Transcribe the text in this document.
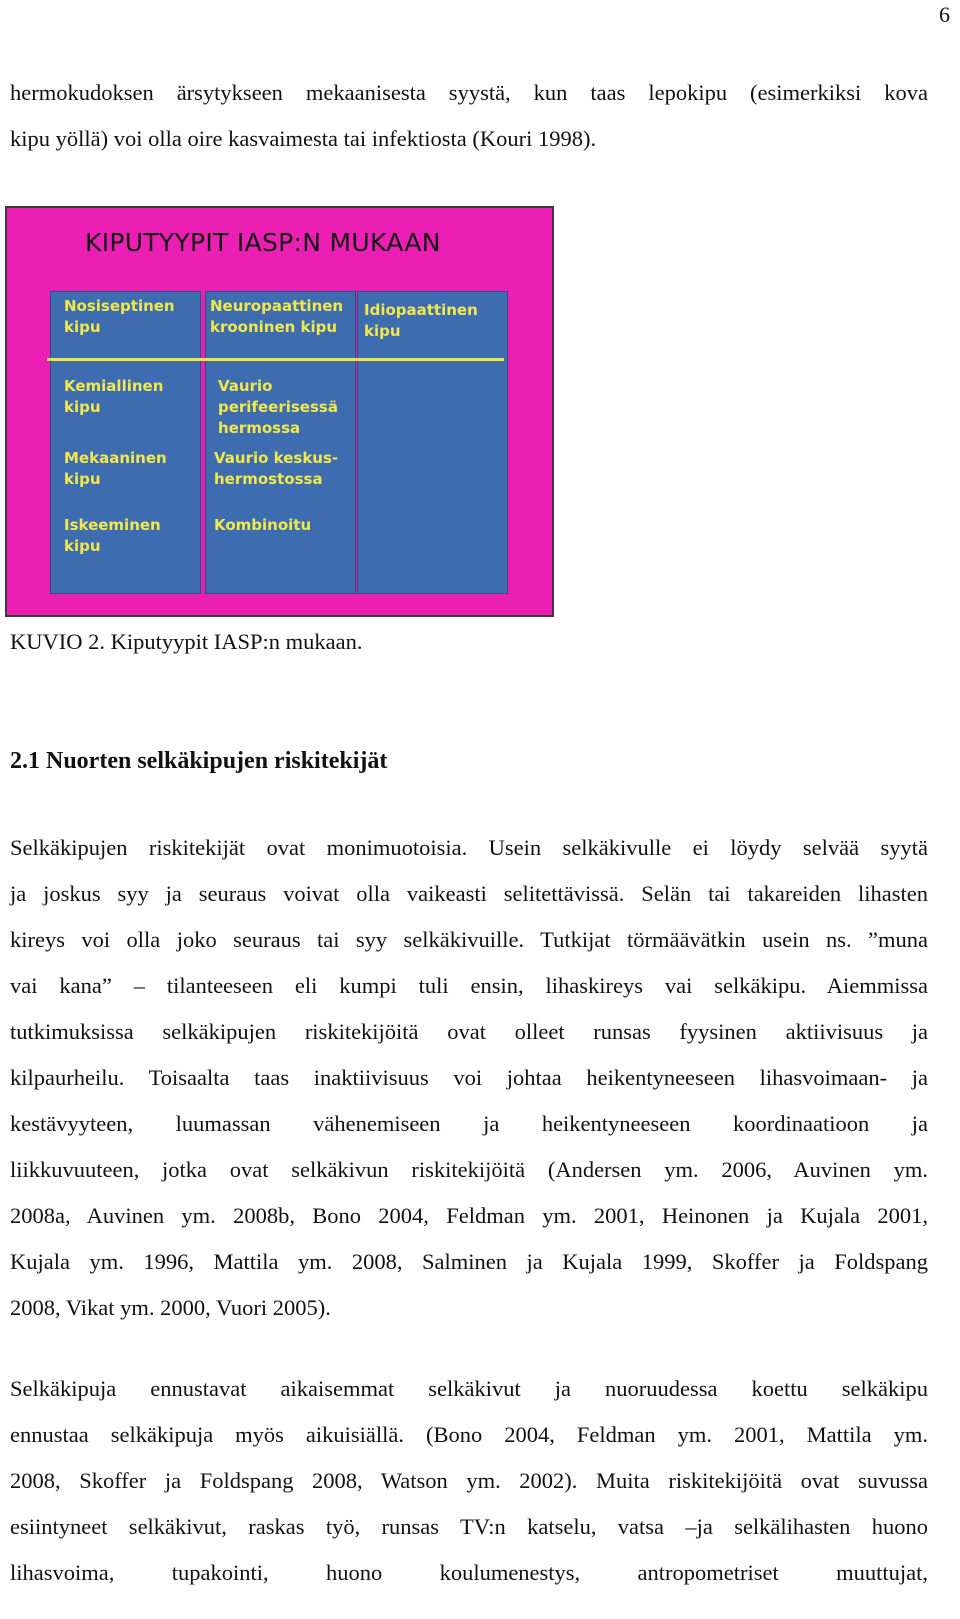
6
hermokudoksen ärsytykseen mekaanisesta syystä, kun taas lepokipu (esimerkiksi kova
kipu yöllä) voi olla oire kasvaimesta tai infektiosta (Kouri 1998).
KIPUTYYPIT IASP:N MUKAAN
Nosiseptinen kipu
Kemiallinen kipu
Mekaaninen kipu
Iskeeminen kipu
Neuropaattinen krooninen kipu
Vaurio perifeerisessä hermossa
Vaurio keskus-hermostossa
Kombinoitu
Idiopaattinen kipu
KUVIO 2. Kiputyypit IASP:n mukaan.
2.1 Nuorten selkäkipujen riskitekijät
Selkäkipujen riskitekijät ovat monimuotoisia. Usein selkäkivulle ei löydy selvää syytä
ja joskus syy ja seuraus voivat olla vaikeasti selitettävissä. Selän tai takareiden lihasten
kireys voi olla joko seuraus tai syy selkäkivuille. Tutkijat törmäävätkin usein ns. ”muna
vai kana” – tilanteeseen eli kumpi tuli ensin, lihaskireys vai selkäkipu. Aiemmissa
tutkimuksissa selkäkipujen riskitekijöitä ovat olleet runsas fyysinen aktiivisuus ja
kilpaurheilu. Toisaalta taas inaktiivisuus voi johtaa heikentyneeseen lihasvoimaan- ja
kestävyyteen, luumassan vähenemiseen ja heikentyneeseen koordinaatioon ja
liikkuvuuteen, jotka ovat selkäkivun riskitekijöitä (Andersen ym. 2006, Auvinen ym.
2008a, Auvinen ym. 2008b, Bono 2004, Feldman ym. 2001, Heinonen ja Kujala 2001,
Kujala ym. 1996, Mattila ym. 2008, Salminen ja Kujala 1999, Skoffer ja Foldspang
2008, Vikat ym. 2000, Vuori 2005).
Selkäkipuja ennustavat aikaisemmat selkäkivut ja nuoruudessa koettu selkäkipu
ennustaa selkäkipuja myös aikuisiällä. (Bono 2004, Feldman ym. 2001, Mattila ym.
2008, Skoffer ja Foldspang 2008, Watson ym. 2002). Muita riskitekijöitä ovat suvussa
esiintyneet selkäkivut, raskas työ, runsas TV:n katselu, vatsa –ja selkälihasten huono
lihasvoima, tupakointi, huono koulumenestys, antropometriset muuttujat,
